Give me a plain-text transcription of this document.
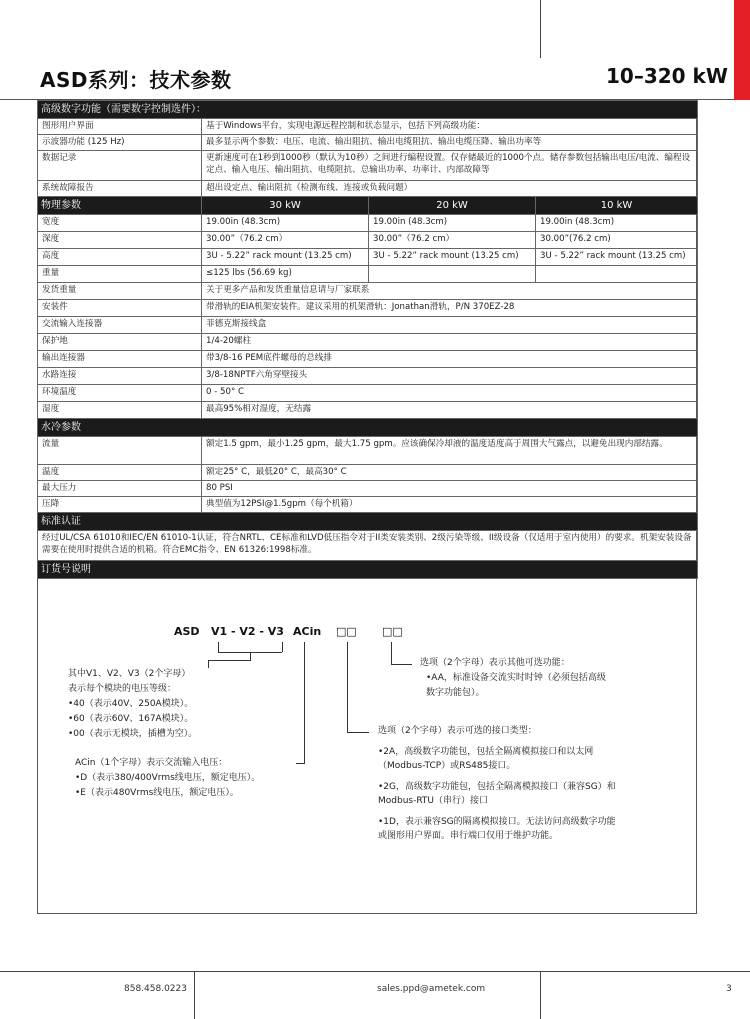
ASD系列：技术参数	10–320 kW
高级数字功能（需要数字控制选件）：			
图形用户界面	基于Windows平台，实现电源远程控制和状态显示，包括下列高级功能：		
示波器功能 (125 Hz)	最多显示两个参数：电压、电流、输出阻抗、输出电缆阻抗、输出电缆压降、输出功率等		
数据记录	更新速度可在1秒到1000秒（默认为10秒）之间进行编程设置。仅存储最近的1000个点。储存参数包括输出电压/电流、编程设定点、输入电压、输出阻抗、电缆阻抗、总输出功率、功率计、内部故障等		
系统故障报告	超出设定点、输出阻抗（检测布线、连接或负载问题）		
物理参数	30 kW	20 kW	10 kW
宽度	19.00in (48.3cm)	19.00in (48.3cm)	19.00in (48.3cm)
深度	30.00”（76.2 cm）	30.00”（76.2 cm）	30.00”(76.2 cm)
高度	3U - 5.22” rack mount (13.25 cm)	3U - 5.22” rack mount (13.25 cm)	3U - 5.22” rack mount (13.25 cm)
重量	≤125 lbs (56.69 kg)		
发货重量	关于更多产品和发货重量信息请与厂家联系		
安装件	带滑轨的EIA机架安装件。建议采用的机架滑轨：Jonathan滑轨，P/N 370EZ-28		
交流输入连接器	菲德克斯接线盒		
保护地	1/4-20螺柱		
输出连接器	带3/8-16 PEM底件螺母的总线排		
水路连接	3/8-18NPTF六角穿壁接头		
环境温度	0 - 50° C		
湿度	最高95%相对湿度，无结露		
水冷参数			
流量	额定1.5 gpm，最小1.25 gpm，最大1.75 gpm。应该确保冷却液的温度适度高于周围大气露点，以避免出现内部结露。		
温度	额定25° C，最低20° C，最高30° C		
最大压力	80 PSI		
压降	典型值为12PSI@1.5gpm（每个机箱）		
标准认证			
经过UL/CSA 61010和IEC/EN 61010-1认证，符合NRTL、CE标准和LVD低压指令对于II类安装类别、2级污染等级、II级设备（仅适用于室内使用）的要求。机架安装设备需要在使用时提供合适的机箱。符合EMC指令、EN 61326:1998标准。			
订货号说明			
ASD V1 - V2 - V3 ACin □□ □□
其中V1、V2、V3（2个字母）
表示每个模块的电压等级：
•40（表示40V、250A模块）。
•60（表示60V、167A模块）。
•00（表示无模块，插槽为空）。
ACin（1个字母）表示交流输入电压：
•D（表示380/400Vrms线电压，额定电压）。
•E（表示480Vrms线电压，额定电压）。
选项（2个字母）表示其他可选功能：
•AA，标准设备交流实时时钟（必须包括高级
数字功能包）。
选项（2个字母）表示可选的接口类型：
•2A，高级数字功能包，包括全隔离模拟接口和以太网
（Modbus-TCP）或RS485接口。
•2G，高级数字功能包，包括全隔离模拟接口（兼容SG）和
Modbus-RTU（串行）接口
•1D，表示兼容SG的隔离模拟接口。无法访问高级数字功能
或图形用户界面。串行端口仅用于维护功能。
858.458.0223	sales.ppd@ametek.com	3
